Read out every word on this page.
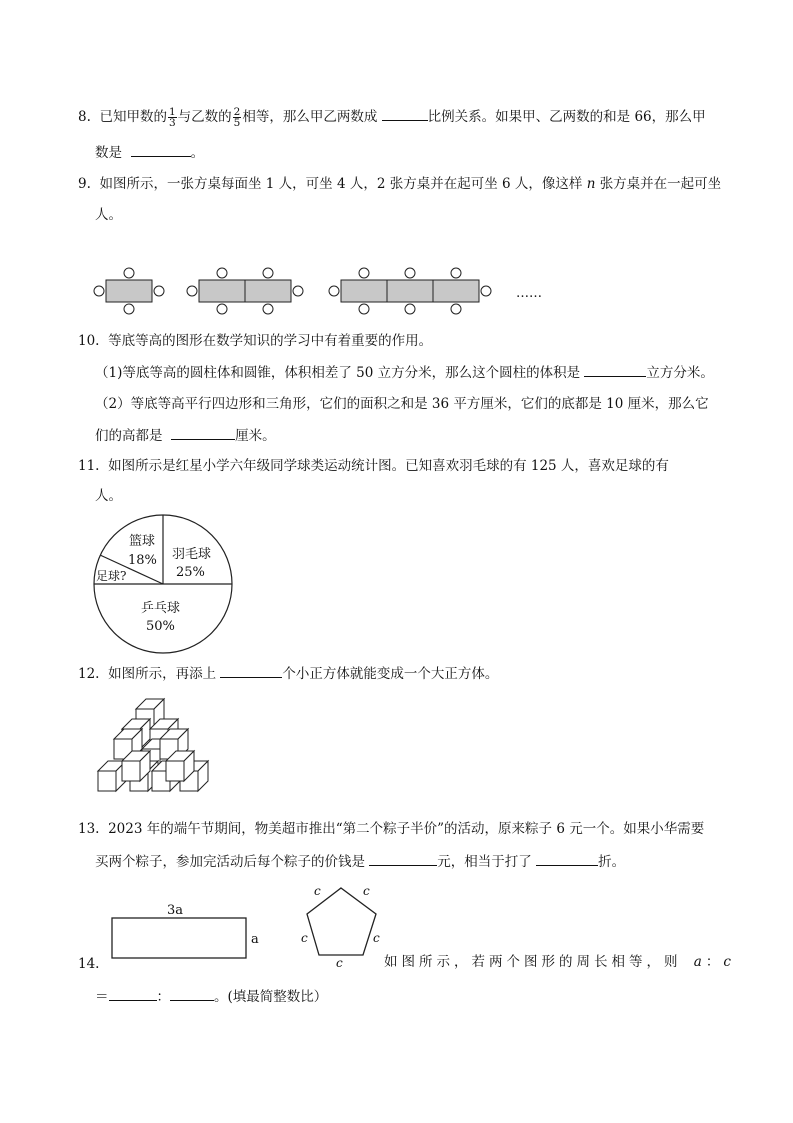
8. 已知甲数的 $\frac{1}{3}$ 与乙数的 $\frac{2}{5}$ 相等，那么甲乙两数成	比例关系。如果甲、乙两数的和是 66，那么甲
数是	。
9. 如图所示，一张方桌每面坐 1 人，可坐 4 人，2 张方桌并在起可坐 6 人，像这样 n 张方桌并在一起可坐
人。
……
10. 等底等高的图形在数学知识的学习中有着重要的作用。
（1)等底等高的圆柱体和圆锥，体积相差了 50 立方分米，那么这个圆柱的体积是	立方分米。
（2）等底等高平行四边形和三角形，它们的面积之和是 36 平方厘米，它们的底都是 10 厘米，那么它
们的高都是	厘米。
11. 如图所示是红星小学六年级同学球类运动统计图。已知喜欢羽毛球的有 125 人，喜欢足球的有
人。
篮球
18% 羽毛球
25%
足球?
乒乓球
50%
12. 如图所示，再添上	个小正方体就能变成一个大正方体。
13. 2023 年的端午节期间，物美超市推出“第二个粽子半价”的活动，原来粽子 6 元一个。如果小华需要
买两个粽子，参加完活动后每个粽子的价钱是	元，相当于打了	折。
3a
a
c	c
c	c
c
14.	如图所示，若两个图形的周长相等，则 a：c
＝	：	。(填最简整数比）
